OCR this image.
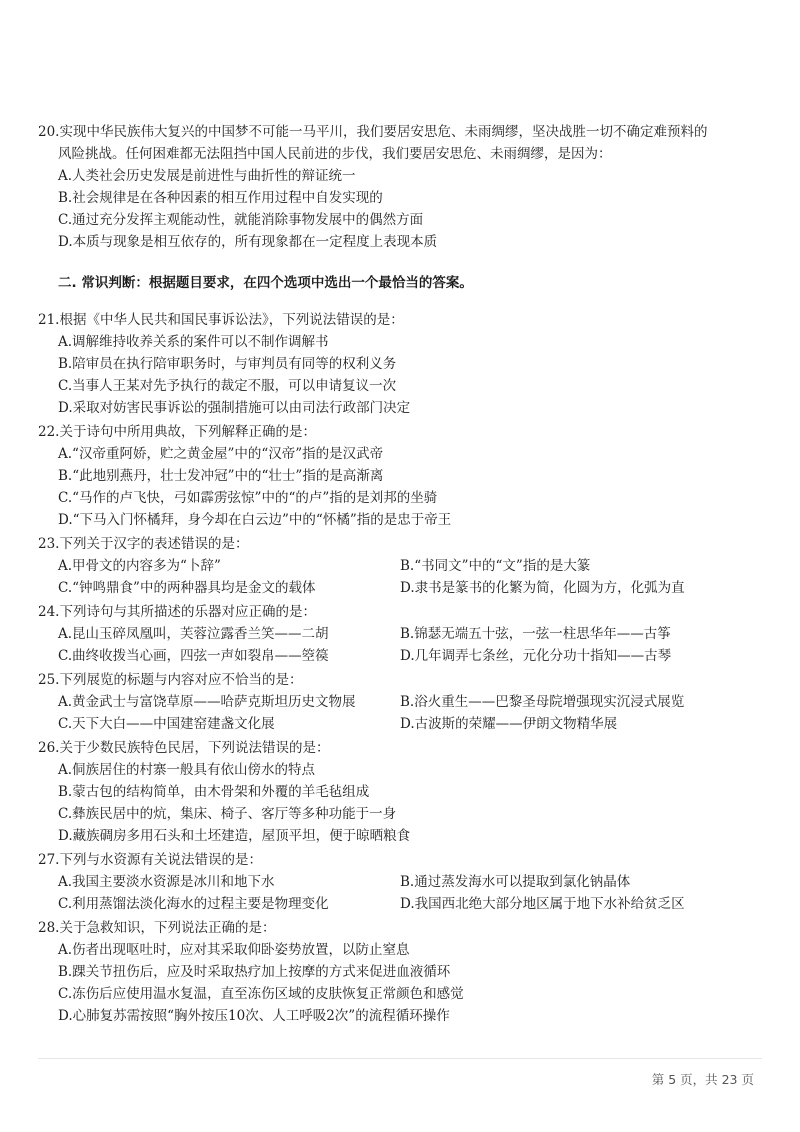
20.实现中华民族伟大复兴的中国梦不可能一马平川，我们要居安思危、未雨绸缪，坚决战胜一切不确定难预料的
风险挑战。任何困难都无法阻挡中国人民前进的步伐，我们要居安思危、未雨绸缪，是因为：
A.人类社会历史发展是前进性与曲折性的辩证统一
B.社会规律是在各种因素的相互作用过程中自发实现的
C.通过充分发挥主观能动性，就能消除事物发展中的偶然方面
D.本质与现象是相互依存的，所有现象都在一定程度上表现本质
二. 常识判断：根据题目要求，在四个选项中选出一个最恰当的答案。
21.根据《中华人民共和国民事诉讼法》，下列说法错误的是：
A.调解维持收养关系的案件可以不制作调解书
B.陪审员在执行陪审职务时，与审判员有同等的权利义务
C.当事人王某对先予执行的裁定不服，可以申请复议一次
D.采取对妨害民事诉讼的强制措施可以由司法行政部门决定
22.关于诗句中所用典故，下列解释正确的是：
A.“汉帝重阿娇，贮之黄金屋”中的“汉帝”指的是汉武帝
B.“此地别燕丹，壮士发冲冠”中的“壮士”指的是高渐离
C.“马作的卢飞快，弓如霹雳弦惊”中的“的卢”指的是刘邦的坐骑
D.“下马入门怀橘拜，身今却在白云边”中的“怀橘”指的是忠于帝王
23.下列关于汉字的表述错误的是：
A.甲骨文的内容多为“卜辞”	B.“书同文”中的“文”指的是大篆
C.“钟鸣鼎食”中的两种器具均是金文的载体	D.隶书是篆书的化繁为简，化圆为方，化弧为直
24.下列诗句与其所描述的乐器对应正确的是：
A.昆山玉碎凤凰叫，芙蓉泣露香兰笑——二胡	B.锦瑟无端五十弦，一弦一柱思华年——古筝
C.曲终收拨当心画，四弦一声如裂帛——箜篌	D.几年调弄七条丝，元化分功十指知——古琴
25.下列展览的标题与内容对应不恰当的是：
A.黄金武士与富饶草原——哈萨克斯坦历史文物展	B.浴火重生——巴黎圣母院增强现实沉浸式展览
C.天下大白——中国建窑建盏文化展	D.古波斯的荣耀——伊朗文物精华展
26.关于少数民族特色民居，下列说法错误的是：
A.侗族居住的村寨一般具有依山傍水的特点
B.蒙古包的结构简单，由木骨架和外覆的羊毛毡组成
C.彝族民居中的炕，集床、椅子、客厅等多种功能于一身
D.藏族碉房多用石头和土坯建造，屋顶平坦，便于晾晒粮食
27.下列与水资源有关说法错误的是：
A.我国主要淡水资源是冰川和地下水	B.通过蒸发海水可以提取到氯化钠晶体
C.利用蒸馏法淡化海水的过程主要是物理变化	D.我国西北绝大部分地区属于地下水补给贫乏区
28.关于急救知识，下列说法正确的是：
A.伤者出现呕吐时，应对其采取仰卧姿势放置，以防止窒息
B.踝关节扭伤后，应及时采取热疗加上按摩的方式来促进血液循环
C.冻伤后应使用温水复温，直至冻伤区域的皮肤恢复正常颜色和感觉
D.心肺复苏需按照“胸外按压10次、人工呼吸2次”的流程循环操作
第 5 页，共 23 页
